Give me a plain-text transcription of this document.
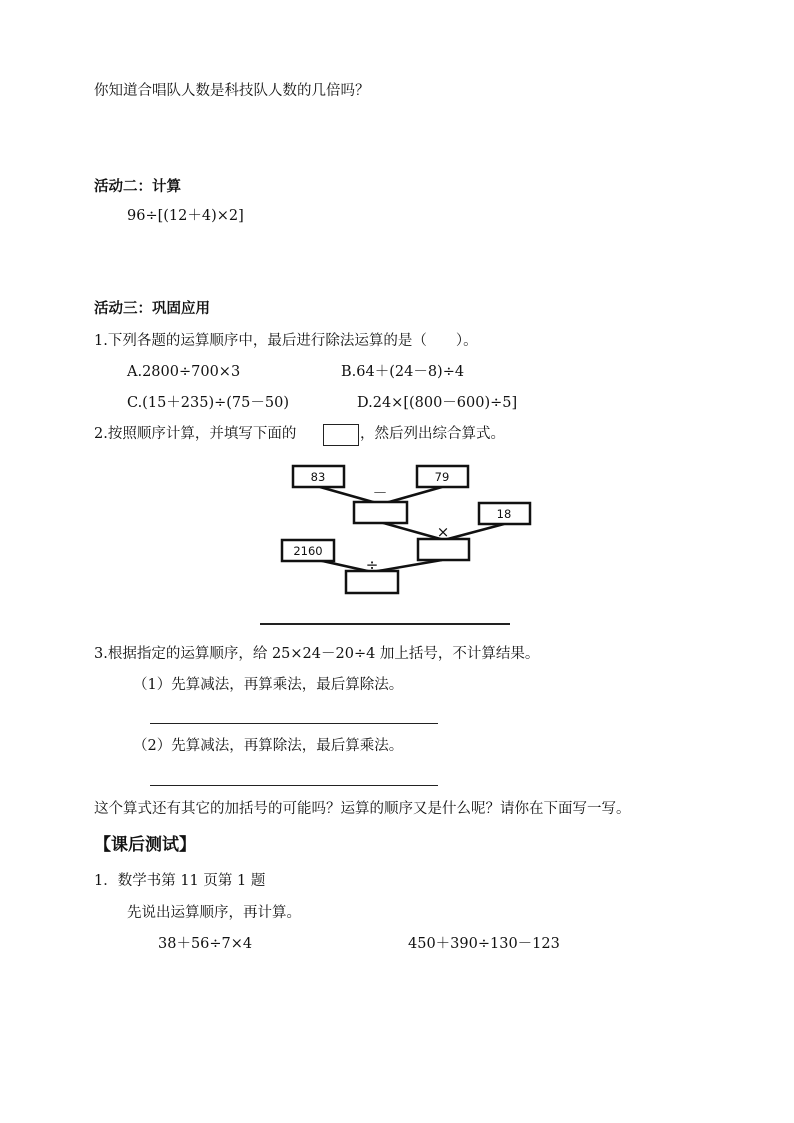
你知道合唱队人数是科技队人数的几倍吗？
活动二：计算
96÷[(12＋4)×2]
活动三：巩固应用
1.下列各题的运算顺序中，最后进行除法运算的是（　　）。
A.2800÷700×3	B.64＋(24－8)÷4
C.(15＋235)÷(75－50)	D.24×[(800－600)÷5]
2.按照顺序计算，并填写下面的	，然后列出综合算式。
83	79
18
2160
－
×
÷
3.根据指定的运算顺序，给 25×24－20÷4 加上括号，不计算结果。
（1）先算减法，再算乘法，最后算除法。
（2）先算减法，再算除法，最后算乘法。
这个算式还有其它的加括号的可能吗？运算的顺序又是什么呢？请你在下面写一写。
【课后测试】
1．数学书第 11 页第 1 题
先说出运算顺序，再计算。
38＋56÷7×4	450＋390÷130－123
